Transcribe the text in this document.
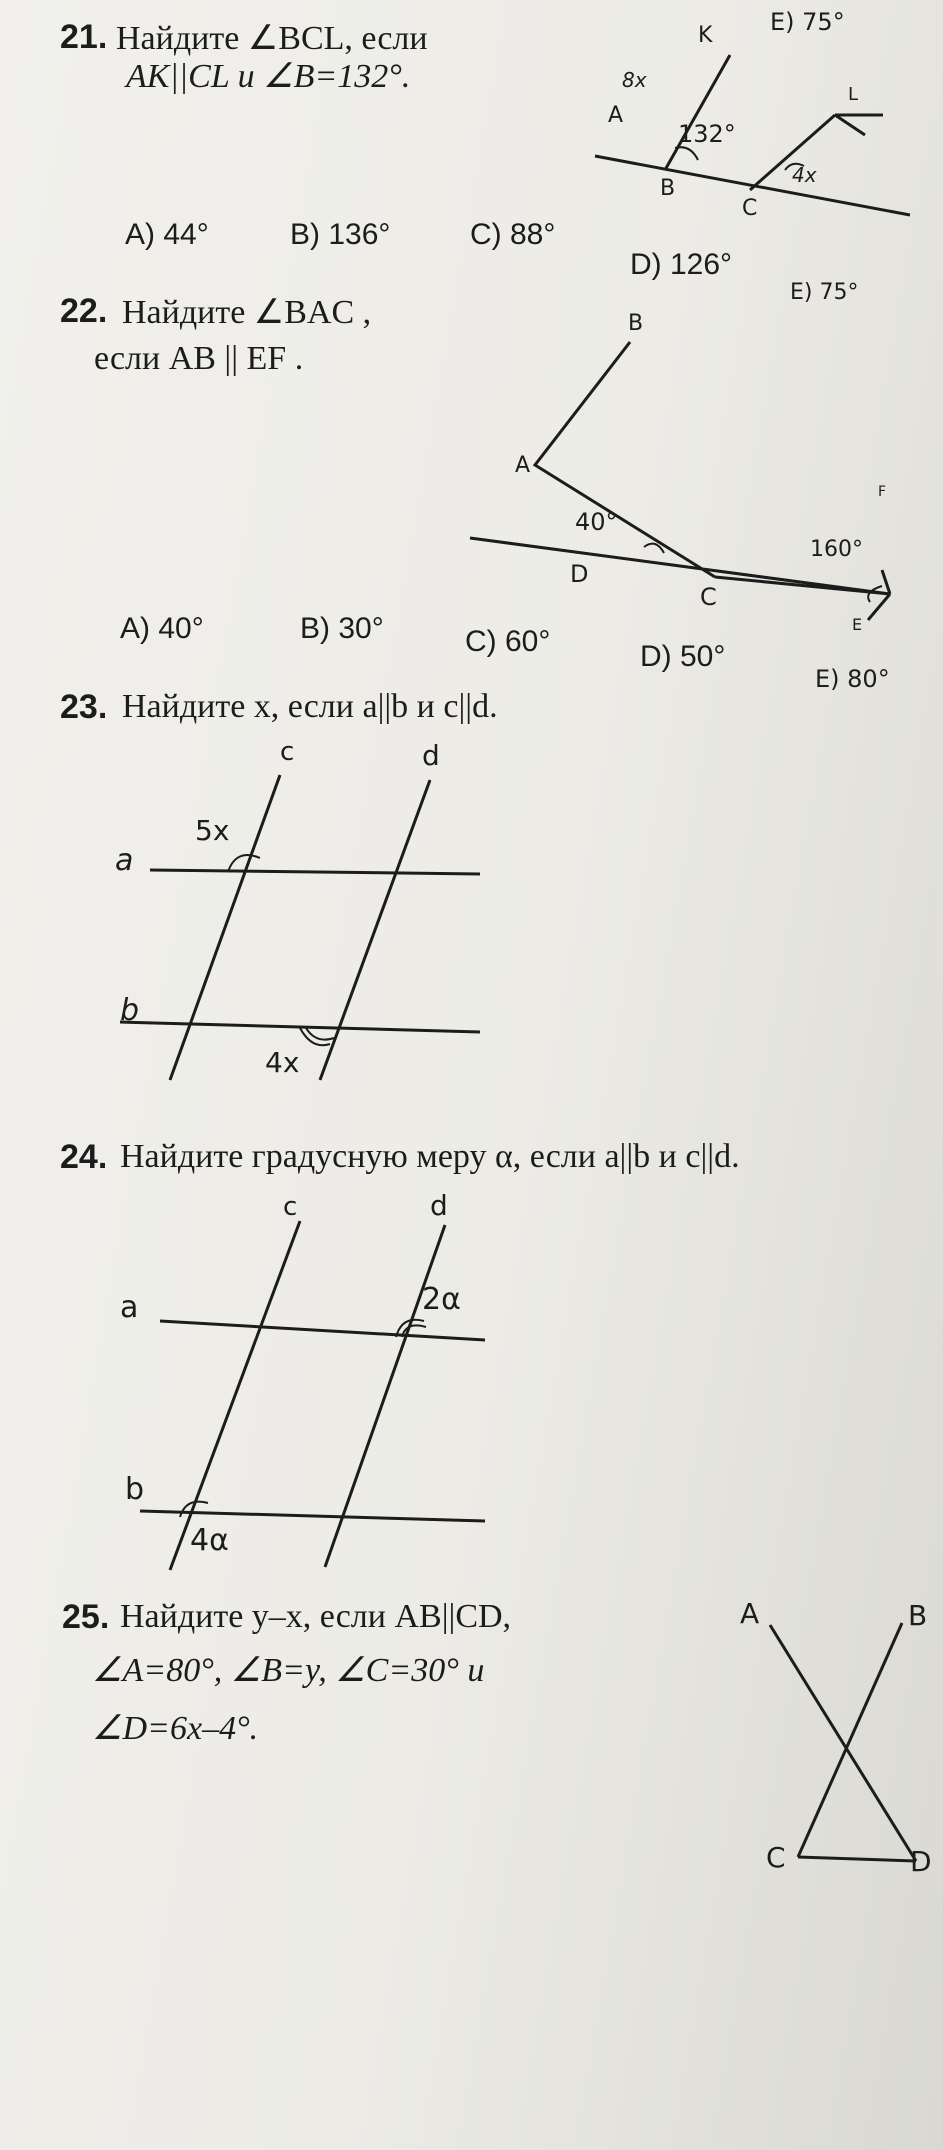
21. Найдите ∠BCL, если
AK||CL и ∠B=132°.
K
8x
L
A
132°
4x
B
C
A) 44°	B) 136°	C) 88°
D) 126°
E) 75°
22. Найдите ∠BAC ,
если AB || EF .
E) 75°
B
A
F
40°
160°
D
C
E
A) 40°	B) 30°	C) 60°	D) 50°
E) 80°
23. Найдите x, если a||b и c||d.
c	d
5x
a
b
4x
24. Найдите градусную меру α, если a||b и c||d.
c	d
a	2α
b
4α
25. Найдите y–x, если AB||CD,
∠A=80°, ∠B=y, ∠C=30° и
∠D=6x–4°.
A	B
C	D
